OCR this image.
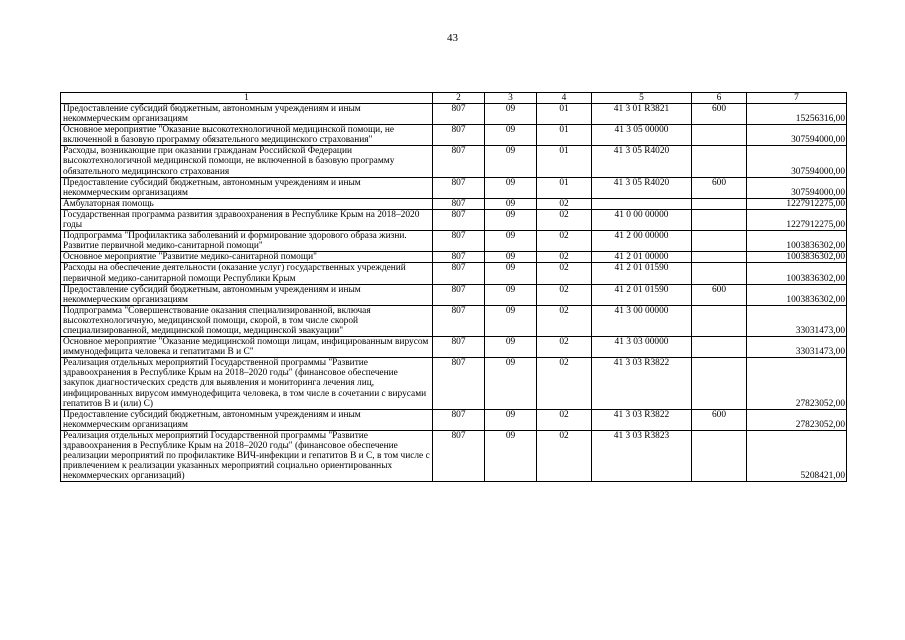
43
1	2	3	4	5	6	7
Предоставление субсидий бюджетным, автономным учреждениям и иным некоммерческим организациям	807	09	01	41 3 01 R3821	600	15256316,00
Основное мероприятие "Оказание высокотехнологичной медицинской помощи, не включенной в базовую программу обязательного медицинского страхования"	807	09	01	41 3 05 00000		307594000,00
Расходы, возникающие при оказании гражданам Российской Федерации высокотехнологичной медицинской помощи, не включенной в базовую программу обязательного медицинского страхования	807	09	01	41 3 05 R4020		307594000,00
Предоставление субсидий бюджетным, автономным учреждениям и иным некоммерческим организациям	807	09	01	41 3 05 R4020	600	307594000,00
Амбулаторная помощь	807	09	02			1227912275,00
Государственная программа развития здравоохранения в Республике Крым на 2018–2020 годы	807	09	02	41 0 00 00000		1227912275,00
Подпрограмма "Профилактика заболеваний и формирование здорового образа жизни. Развитие первичной медико-санитарной помощи"	807	09	02	41 2 00 00000		1003836302,00
Основное мероприятие "Развитие медико-санитарной помощи"	807	09	02	41 2 01 00000		1003836302,00
Расходы на обеспечение деятельности (оказание услуг) государственных учреждений первичной медико-санитарной помощи Республики Крым	807	09	02	41 2 01 01590		1003836302,00
Предоставление субсидий бюджетным, автономным учреждениям и иным некоммерческим организациям	807	09	02	41 2 01 01590	600	1003836302,00
Подпрограмма "Совершенствование оказания специализированной, включая высокотехнологичную, медицинской помощи, скорой, в том числе скорой специализированной, медицинской помощи, медицинской эвакуации"	807	09	02	41 3 00 00000		33031473,00
Основное мероприятие "Оказание медицинской помощи лицам, инфицированным вирусом иммунодефицита человека и гепатитами В и С"	807	09	02	41 3 03 00000		33031473,00
Реализация отдельных мероприятий Государственной программы "Развитие здравоохранения в Республике Крым на 2018–2020 годы" (финансовое обеспечение закупок диагностических средств для выявления и мониторинга лечения лиц, инфицированных вирусом иммунодефицита человека, в том числе в сочетании с вирусами гепатитов В и (или) С)	807	09	02	41 3 03 R3822		27823052,00
Предоставление субсидий бюджетным, автономным учреждениям и иным некоммерческим организациям	807	09	02	41 3 03 R3822	600	27823052,00
Реализация отдельных мероприятий Государственной программы "Развитие здравоохранения в Республике Крым на 2018–2020 годы" (финансовое обеспечение реализации мероприятий по профилактике ВИЧ-инфекции и гепатитов В и С, в том числе с привлечением к реализации указанных мероприятий социально ориентированных некоммерческих организаций)	807	09	02	41 3 03 R3823		5208421,00
